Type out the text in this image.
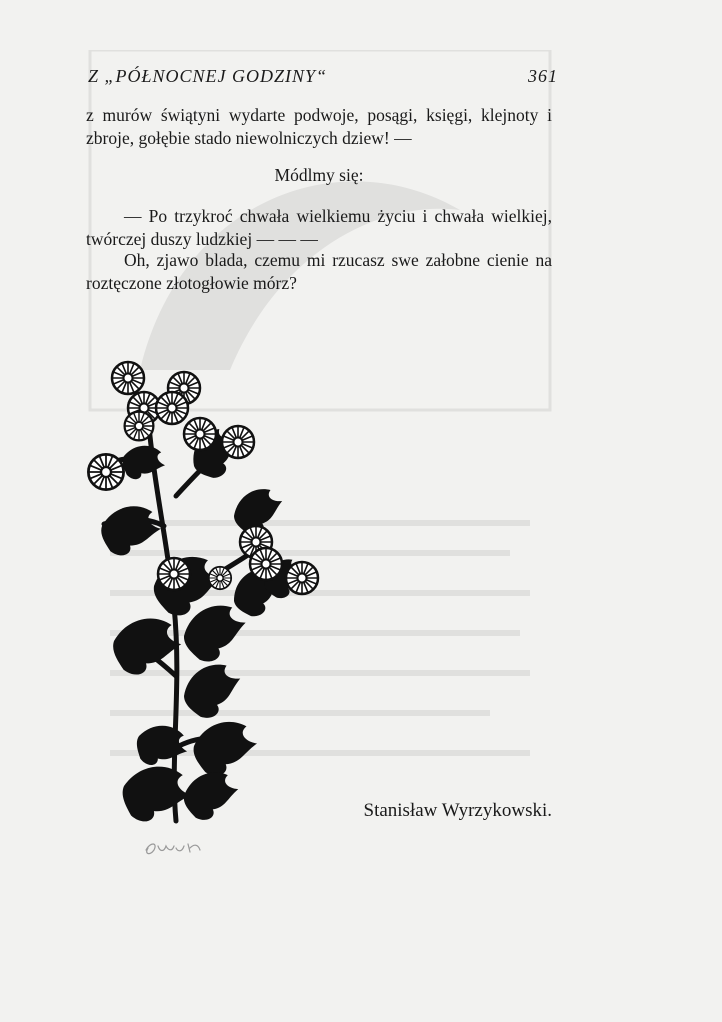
Z „PÓŁNOCNEJ GODZINY“	361

z murów świątyni wydarte podwoje, posągi, księgi, klejnoty i zbroje, gołębie stado niewolniczych dziew! —

Módlmy się:

— Po trzykroć chwała wielkiemu życiu i chwała wielkiej, twórczej duszy ludzkiej — — —

Oh, zjawo blada, czemu mi rzucasz swe załobne cienie na roztęczone złotogłowie mórz?

Stanisław Wyrzykowski.
